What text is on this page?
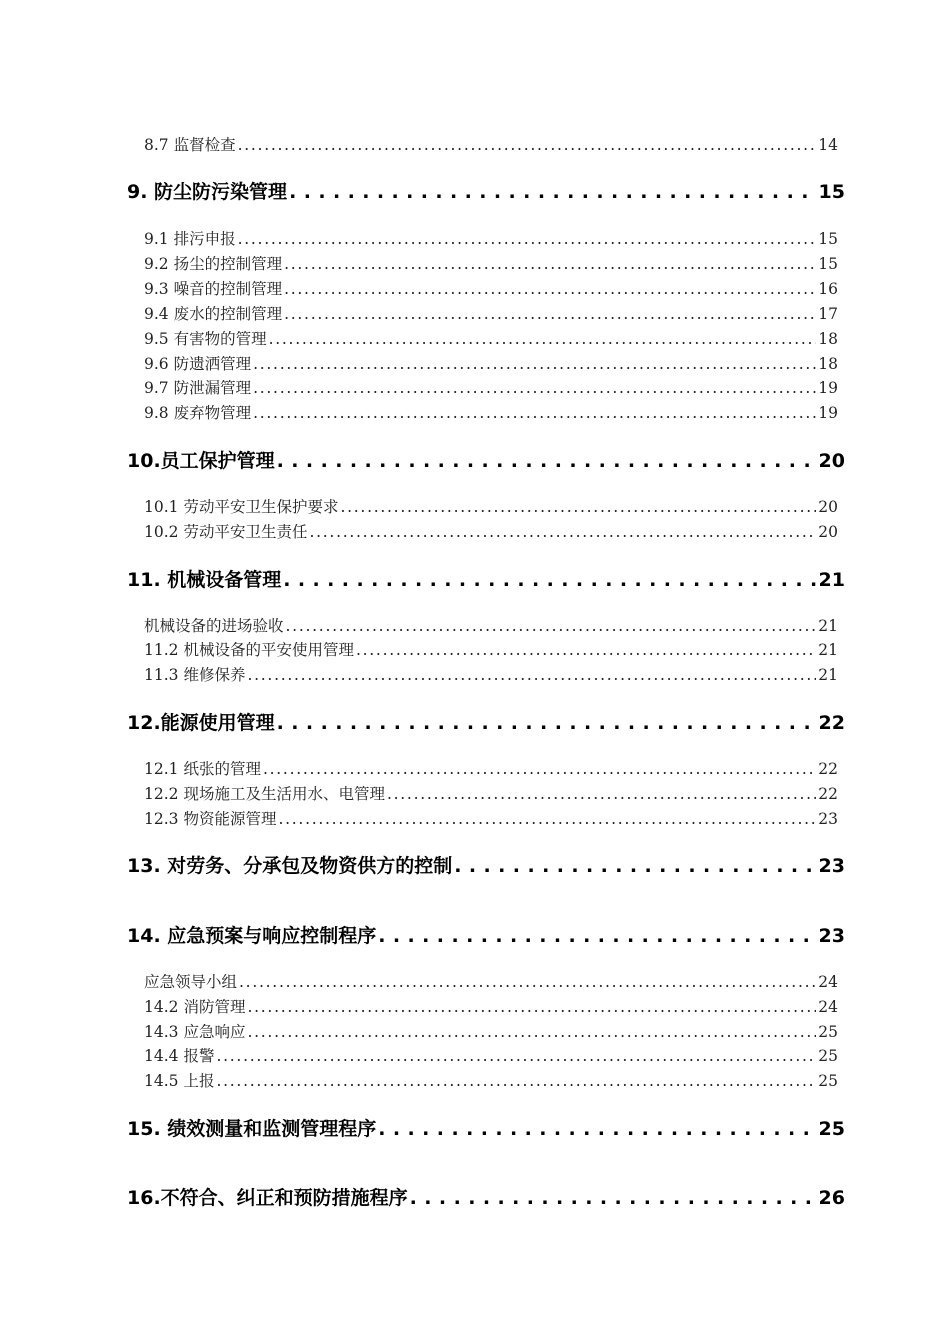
8.7 监督检查 . . .	14
9. 防尘防污染管理 . . .	15
9.1 排污申报 . . .	15
9.2 扬尘的控制管理 . . .	15
9.3 噪音的控制管理 . . .	16
9.4 废水的控制管理 . . .	17
9.5 有害物的管理 . . .	18
9.6 防遗洒管理 . . .	18
9.7 防泄漏管理 . . .	19
9.8 废弃物管理 . . .	19
10.员工保护管理 . . .	20
10.1 劳动平安卫生保护要求 . . .	20
10.2 劳动平安卫生责任 . . .	20
11. 机械设备管理 . . .	21
机械设备的进场验收 . . .	21
11.2 机械设备的平安使用管理 . . .	21
11.3 维修保养 . . .	21
12.能源使用管理 . . .	22
12.1 纸张的管理 . . .	22
12.2 现场施工及生活用水、电管理 . . .	22
12.3 物资能源管理 . . .	23
13. 对劳务、分承包及物资供方的控制 . . .	23
14. 应急预案与响应控制程序 . . .	23
应急领导小组 . . .	24
14.2 消防管理 . . .	24
14.3 应急响应 . . .	25
14.4 报警 . . .	25
14.5 上报 . . .	25
15. 绩效测量和监测管理程序 . . .	25
16.不符合、纠正和预防措施程序 . . .	26
